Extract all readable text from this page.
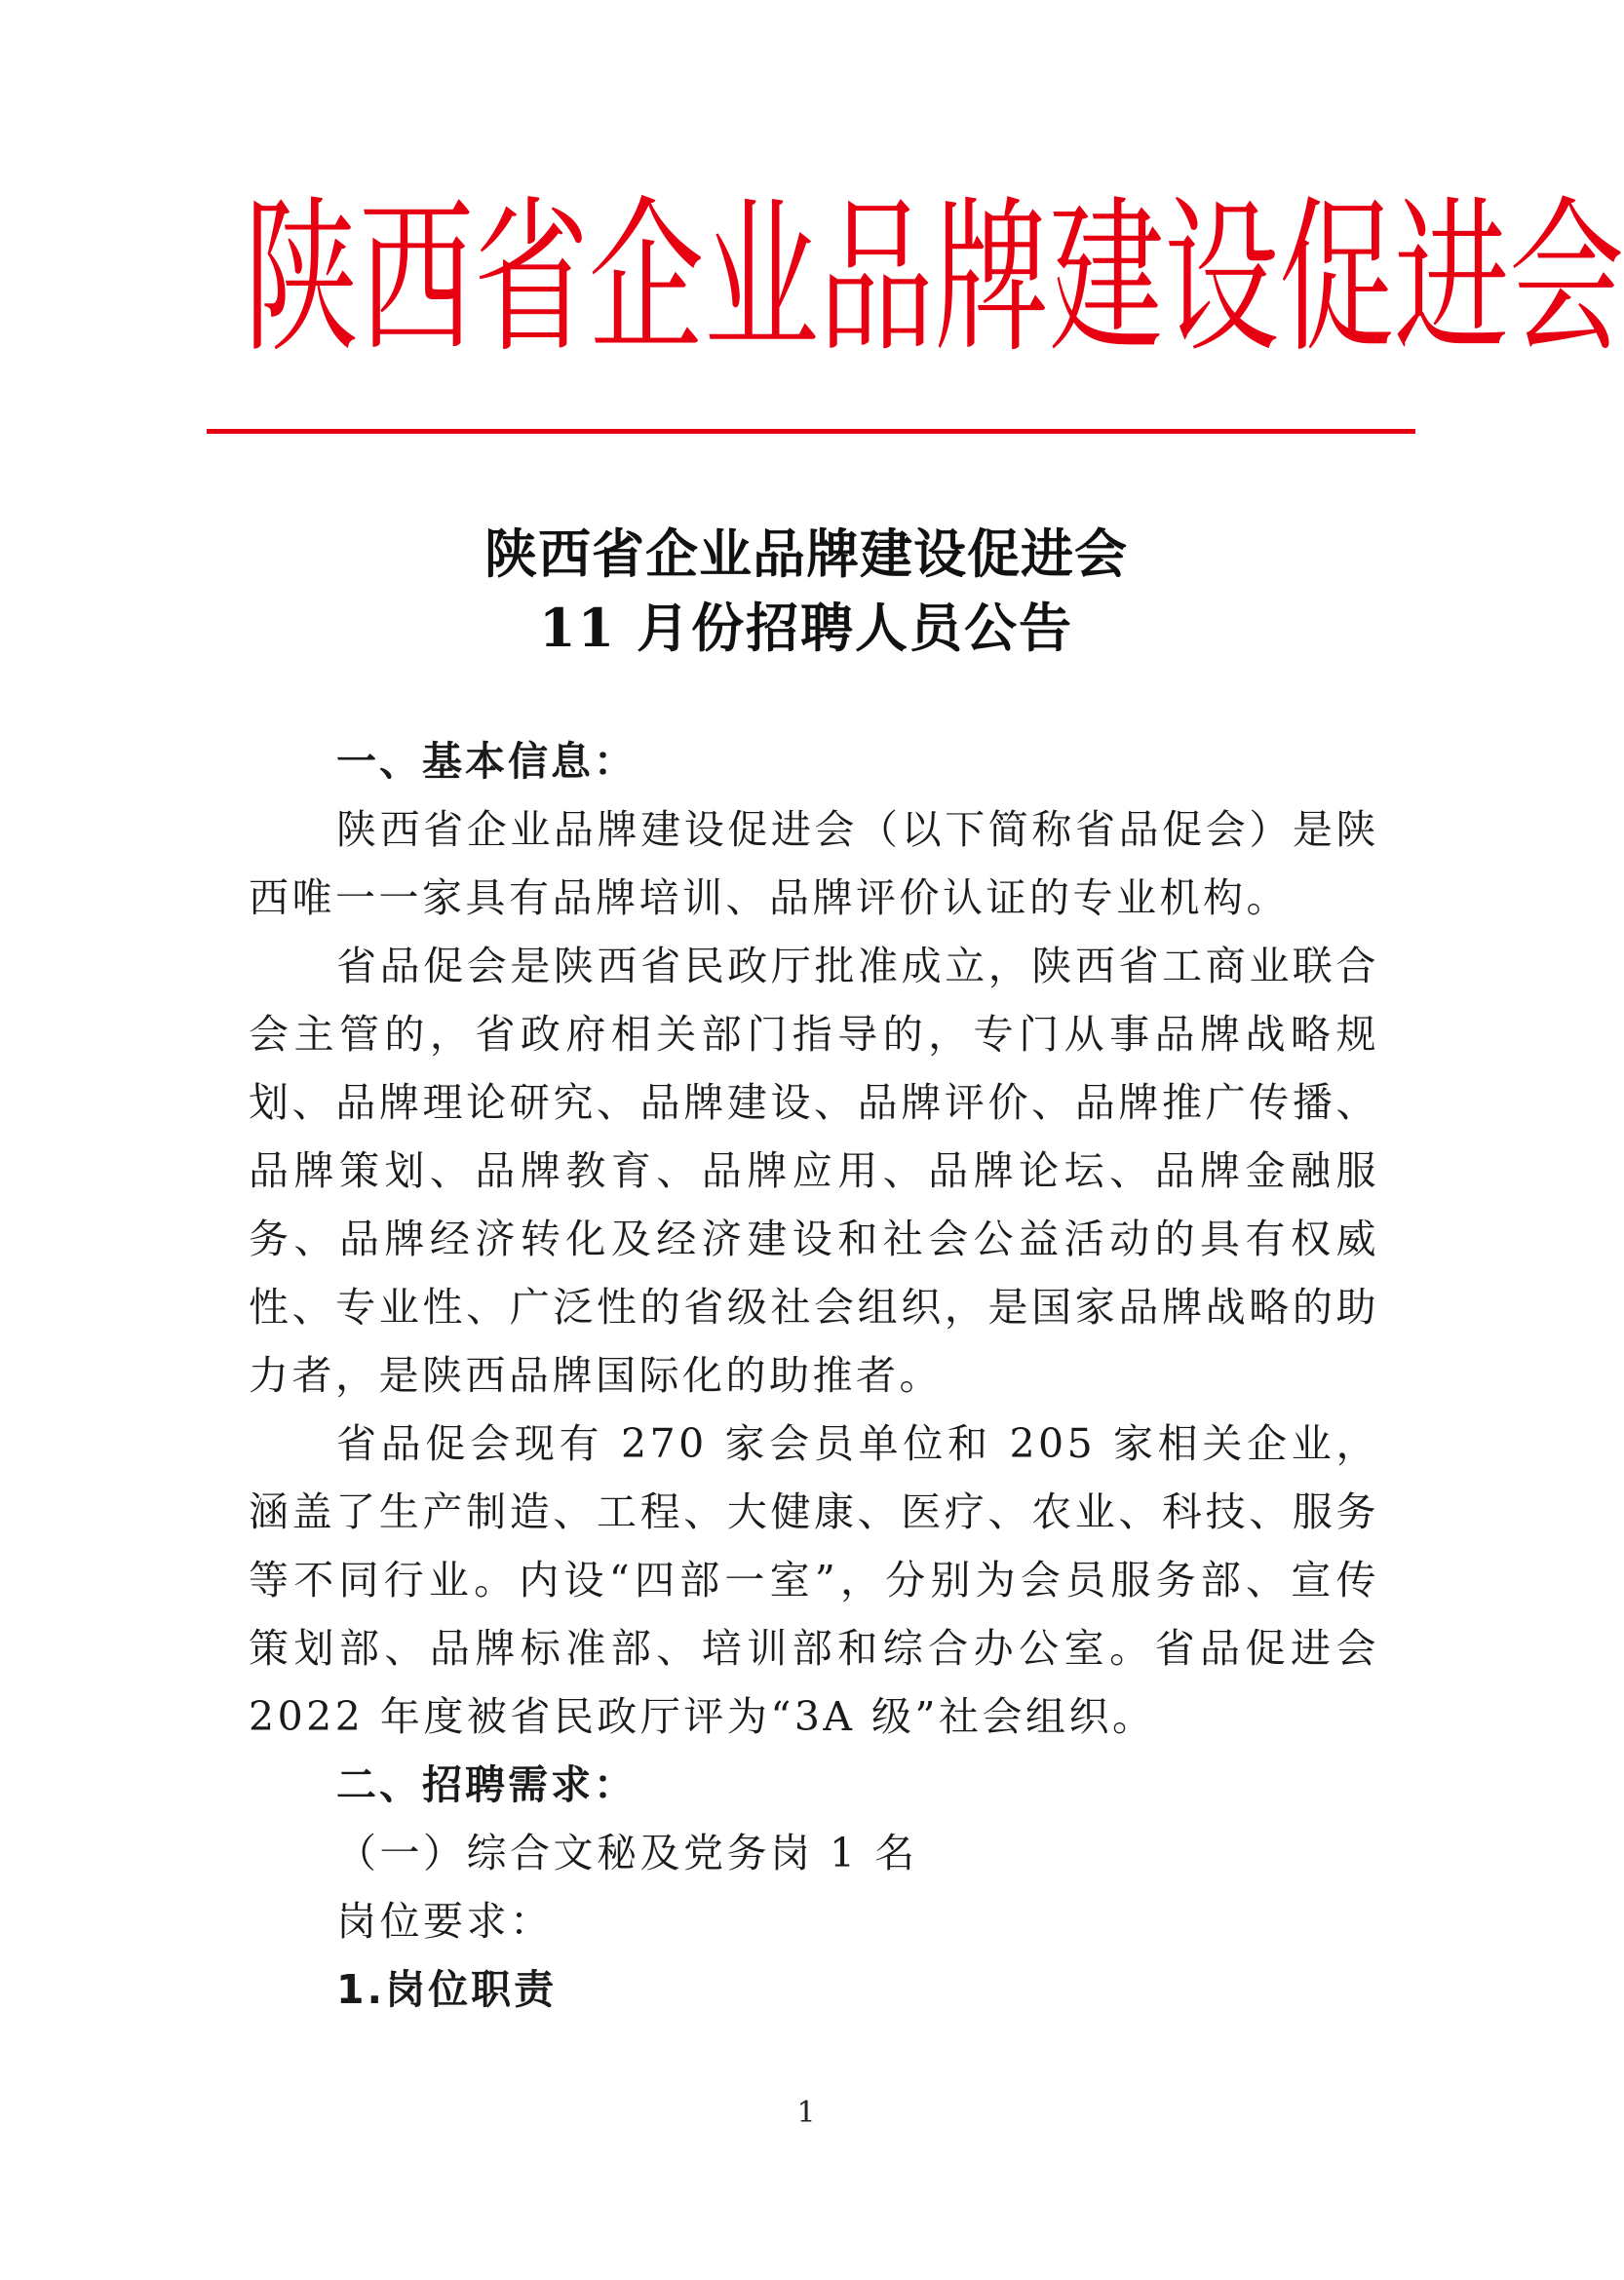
陕 西 省 企 业 品 牌 建 设 促 进 会
陕西省企业品牌建设促进会
11 月份招聘人员公告

一、基本信息：

陕西省企业品牌建设促进会（以下简称省品促会）是陕西唯一一家具有品牌培训、品牌评价认证的专业机构。

省品促会是陕西省民政厅批准成立，陕西省工商业联合会主管的，省政府相关部门指导的，专门从事品牌战略规划、品牌理论研究、品牌建设、品牌评价、品牌推广传播、品牌策划、品牌教育、品牌应用、品牌论坛、品牌金融服务、品牌经济转化及经济建设和社会公益活动的具有权威性、专业性、广泛性的省级社会组织，是国家品牌战略的助力者，是陕西品牌国际化的助推者。

省品促会现有 270 家会员单位和 205 家相关企业，涵盖了生产制造、工程、大健康、医疗、农业、科技、服务等不同行业。内设“四部一室”，分别为会员服务部、宣传策划部、品牌标准部、培训部和综合办公室。省品促进会 2022 年度被省民政厅评为“3A 级”社会组织。

二、招聘需求：

（一）综合文秘及党务岗 1 名

岗位要求：

1.岗位职责

1
